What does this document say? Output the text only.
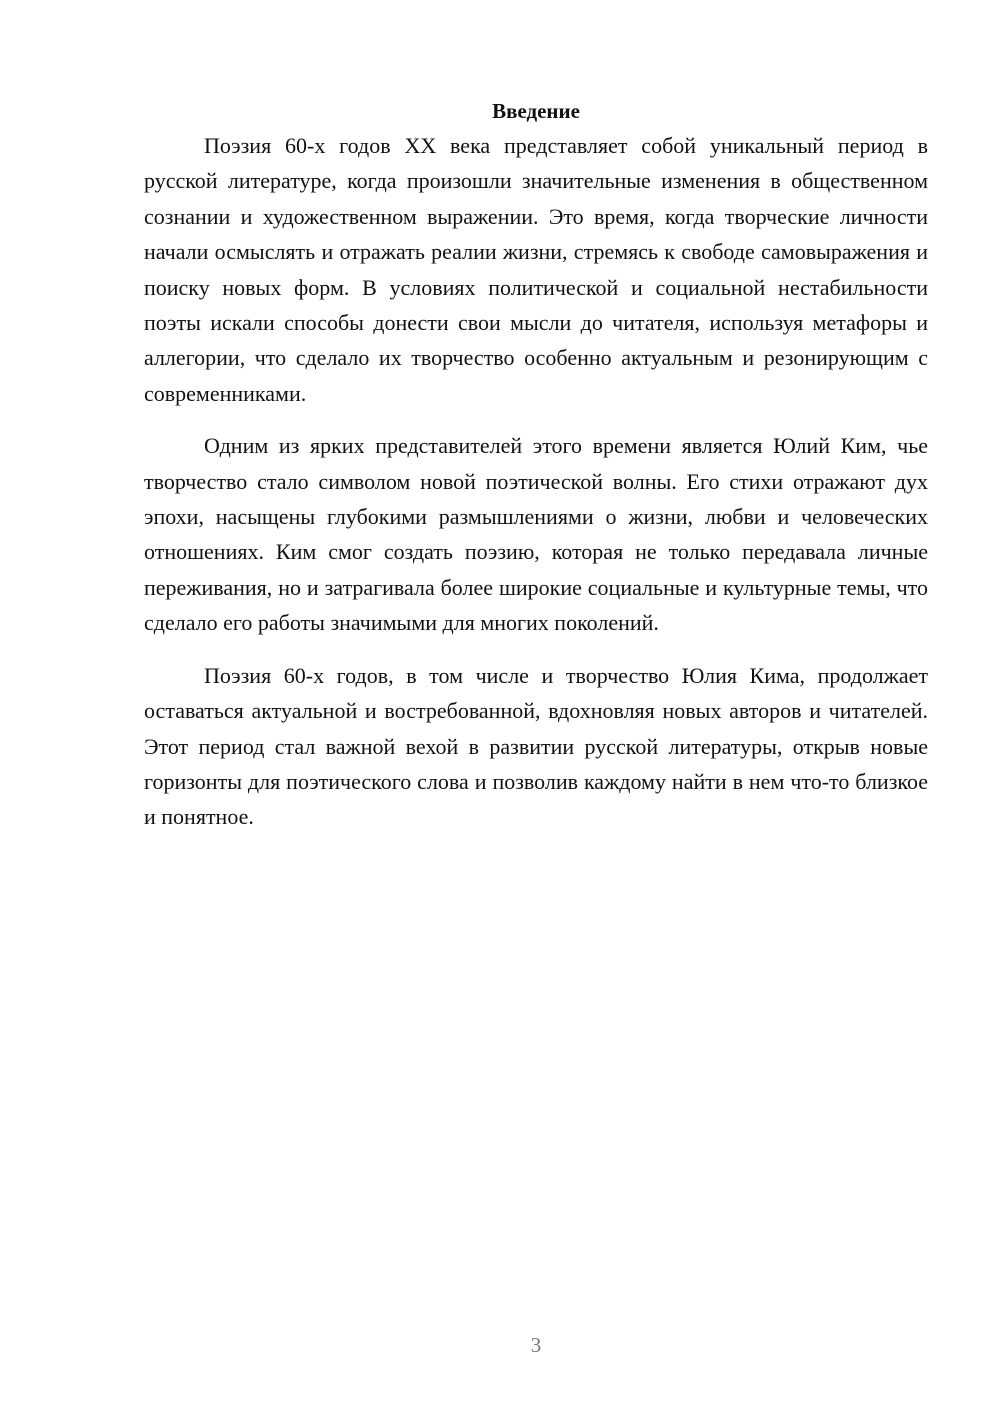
Введение

Поэзия 60-х годов XX века представляет собой уникальный период в русской литературе, когда произошли значительные изменения в общественном сознании и художественном выражении. Это время, когда творческие личности начали осмыслять и отражать реалии жизни, стремясь к свободе самовыражения и поиску новых форм. В условиях политической и социальной нестабильности поэты искали способы донести свои мысли до читателя, используя метафоры и аллегории, что сделало их творчество особенно актуальным и резонирующим с современниками.

Одним из ярких представителей этого времени является Юлий Ким, чье творчество стало символом новой поэтической волны. Его стихи отражают дух эпохи, насыщены глубокими размышлениями о жизни, любви и человеческих отношениях. Ким смог создать поэзию, которая не только передавала личные переживания, но и затрагивала более широкие социальные и культурные темы, что сделало его работы значимыми для многих поколений.

Поэзия 60-х годов, в том числе и творчество Юлия Кима, продолжает оставаться актуальной и востребованной, вдохновляя новых авторов и читателей. Этот период стал важной вехой в развитии русской литературы, открыв новые горизонты для поэтического слова и позволив каждому найти в нем что-то близкое и понятное.

3
